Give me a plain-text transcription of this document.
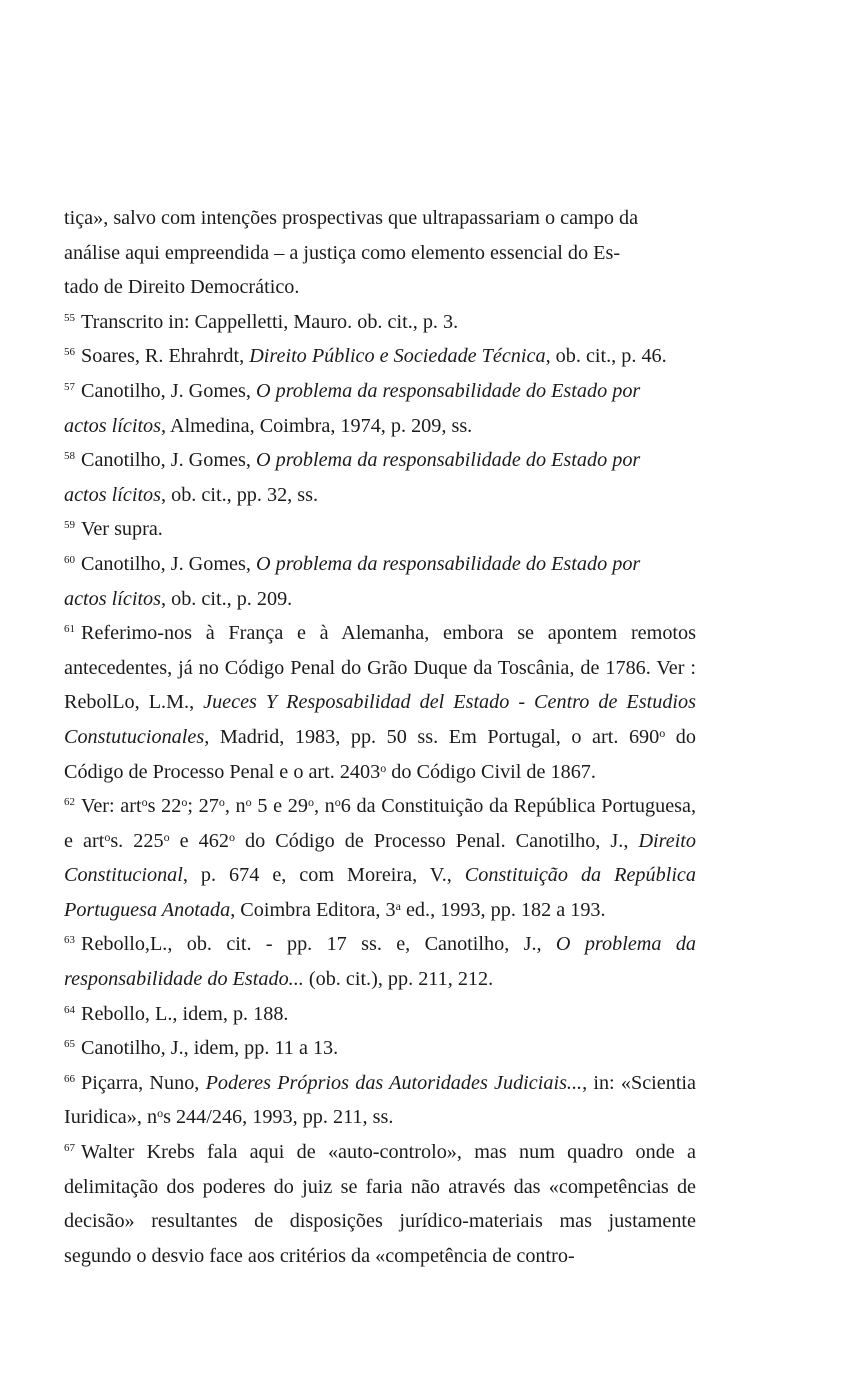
tiça», salvo com intenções prospectivas que ultrapassariam o campo da
análise aqui empreendida – a justiça como elemento essencial do Es-
tado de Direito Democrático.

$^{55}$ Transcrito in: Cappelletti, Mauro. ob. cit., p. 3.

$^{56}$ Soares, R. Ehrahrdt, Direito Público e Sociedade Técnica, ob. cit., p. 46.

$^{57}$ Canotilho, J. Gomes, O problema da responsabilidade do Estado por
actos lícitos, Almedina, Coimbra, 1974, p. 209, ss.

$^{58}$ Canotilho, J. Gomes, O problema da responsabilidade do Estado por
actos lícitos, ob. cit., pp. 32, ss.

$^{59}$ Ver supra.

$^{60}$ Canotilho, J. Gomes, O problema da responsabilidade do Estado por
actos lícitos, ob. cit., p. 209.

$^{61}$ Referimo-nos à França e à Alemanha, embora se apontem remotos antecedentes, já no Código Penal do Grão Duque da Toscânia, de 1786. Ver : RebolLo, L.M., Jueces Y Resposabilidad del Estado - Centro de Estudios Constutucionales, Madrid, 1983, pp. 50 ss. Em Portugal, o art. 690$^o$ do Código de Processo Penal e o art. 2403$^o$ do Código Civil de 1867.

$^{62}$ Ver: art$^o$s 22$^o$; 27$^o$, $n^o$ 5 e 29$^o$, $n^o6$ da Constituição da República Portuguesa, e art$^o$s. 225$^o$ e 462$^o$ do Código de Processo Penal. Canotilho, J., Direito Constitucional, p. 674 e, com Moreira, V., Constituição da República Portuguesa Anotada, Coimbra Editora, 3$^a$ ed., 1993, pp. 182 a 193.

$^{63}$ Rebollo,L., ob. cit. - pp. 17 ss. e, Canotilho, J., O problema da responsabilidade do Estado... (ob. cit.), pp. 211, 212.

$^{64}$ Rebollo, L., idem, p. 188.

$^{65}$ Canotilho, J., idem, pp. 11 a 13.

$^{66}$ Piçarra, Nuno, Poderes Próprios das Autoridades Judiciais..., in: «Scientia Iuridica», $n^os$ 244/246, 1993, pp. 211, ss.

$^{67}$ Walter Krebs fala aqui de «auto-controlo», mas num quadro onde a delimitação dos poderes do juiz se faria não através das «competências de decisão» resultantes de disposições jurídico-materiais mas justamente segundo o desvio face aos critérios da «competência de contro-
